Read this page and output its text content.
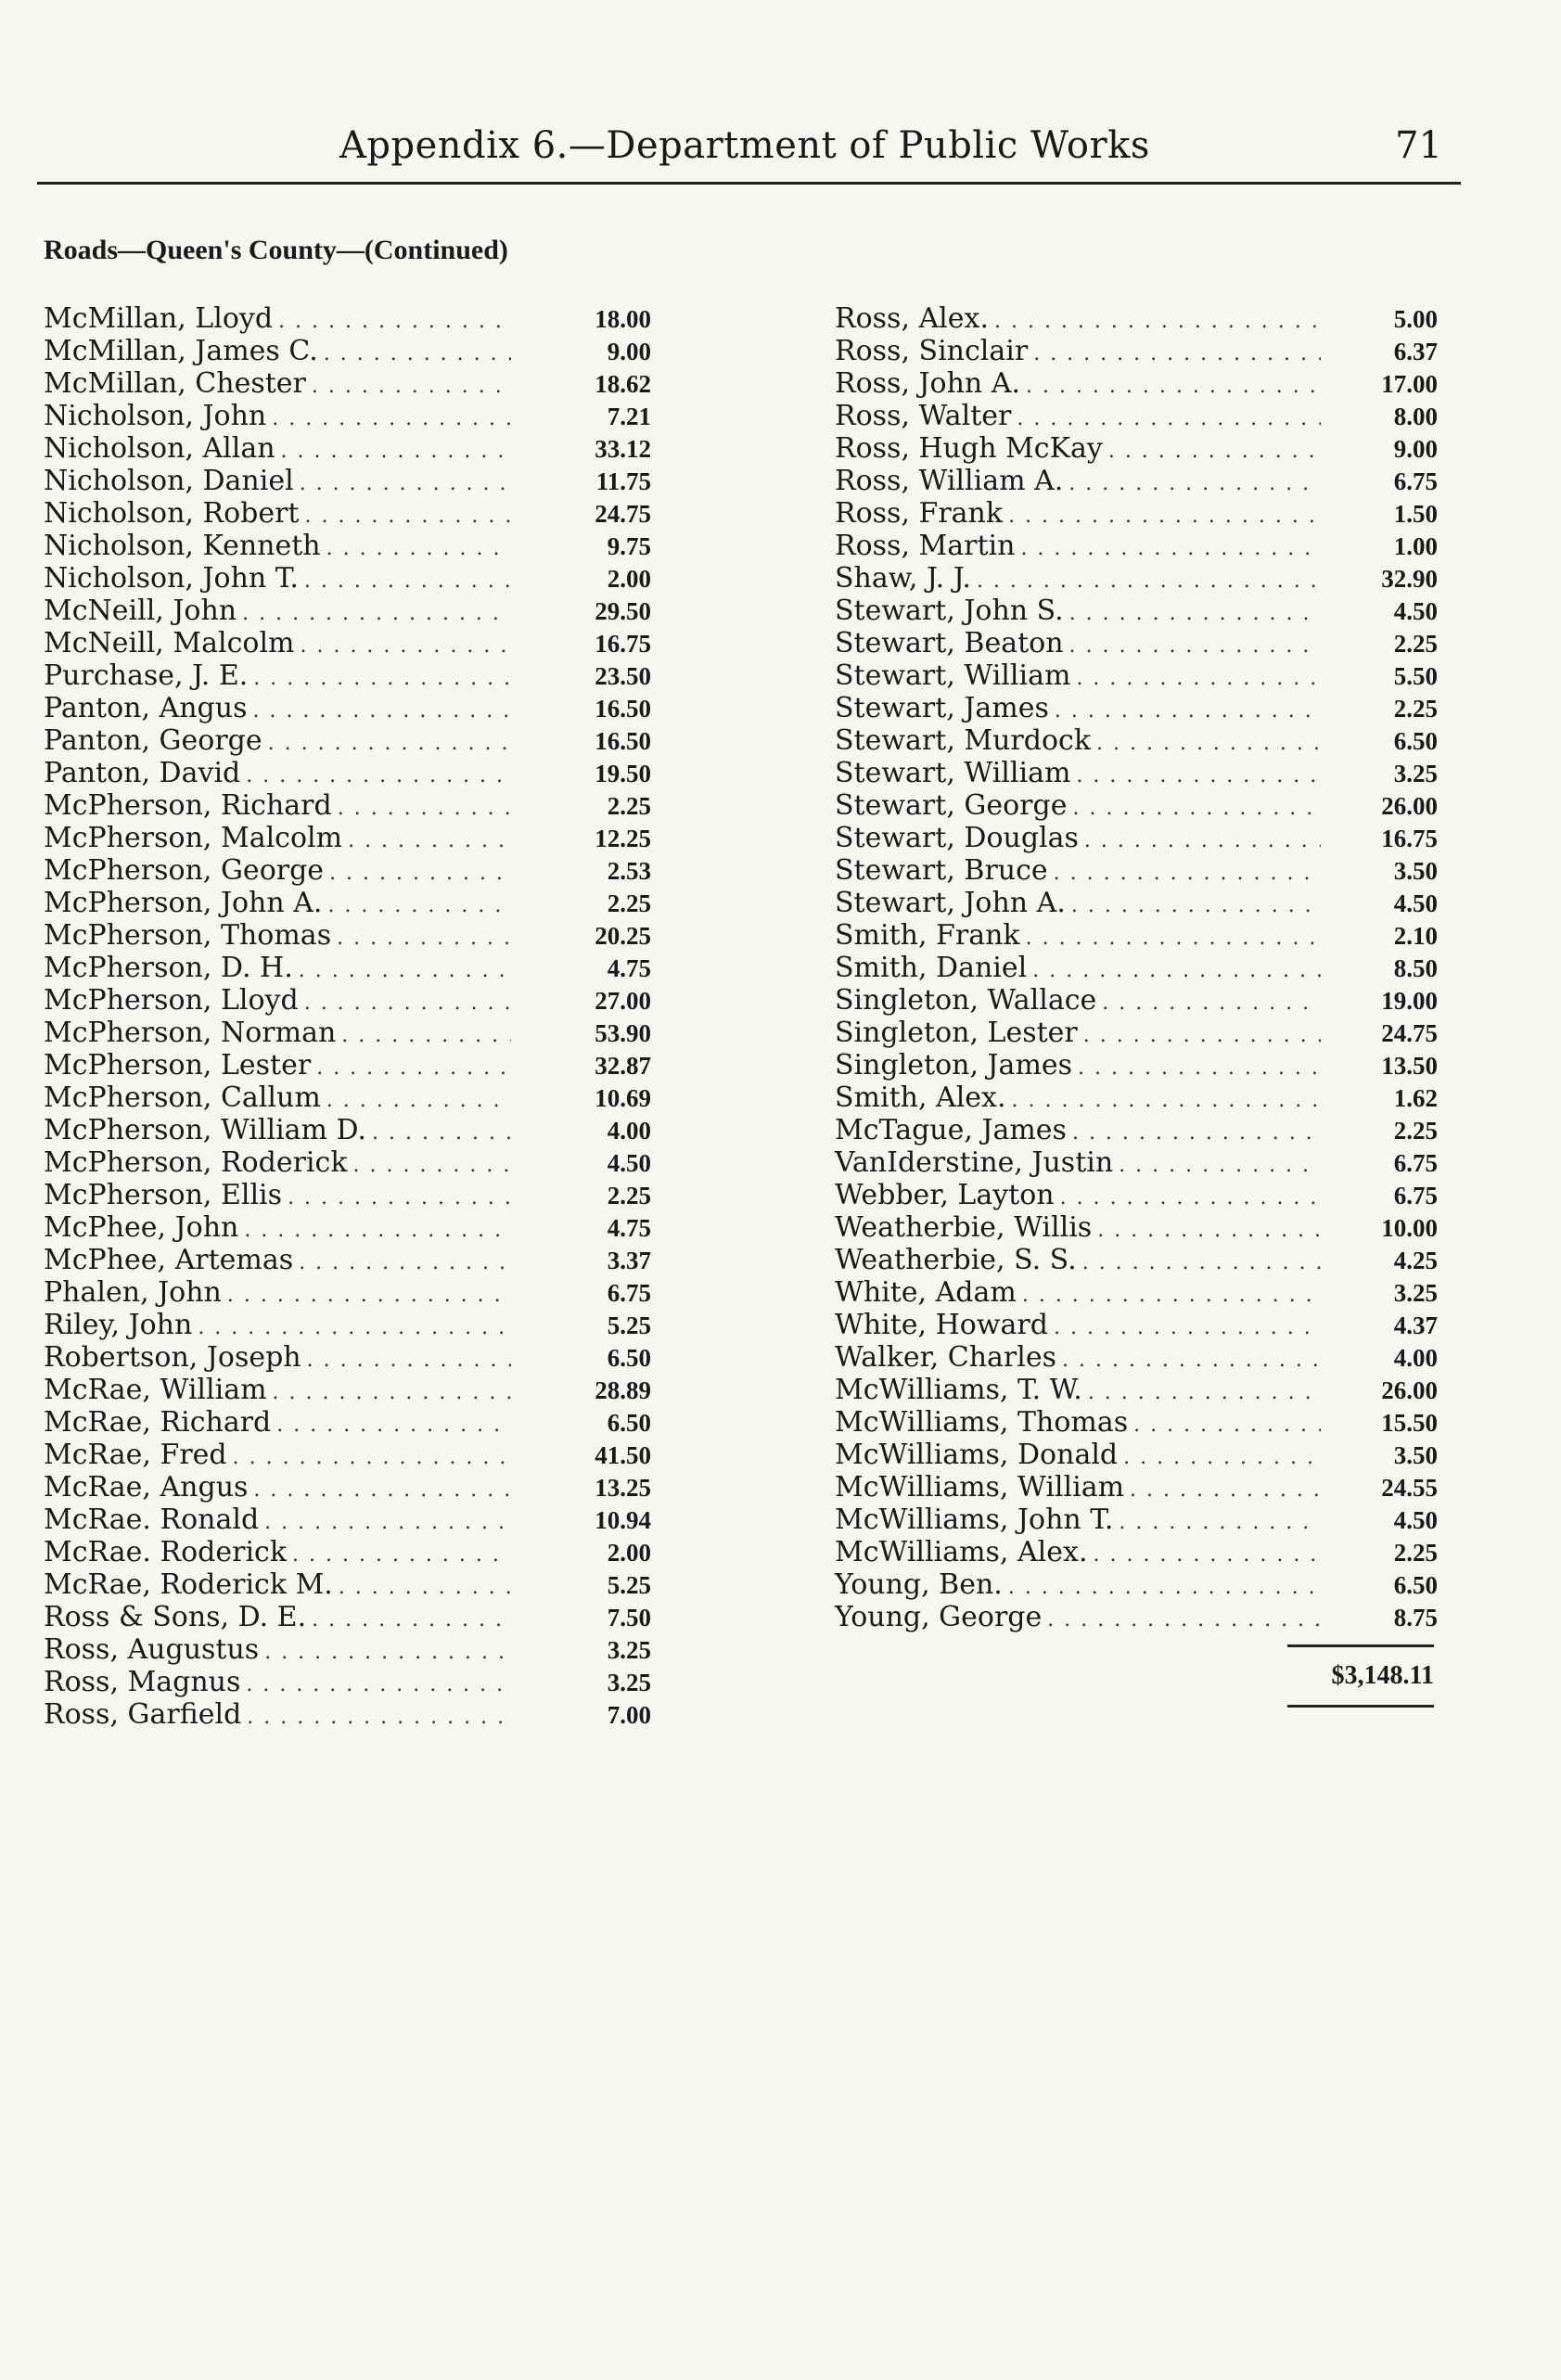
Appendix 6.—Department of Public Works	71
Roads—Queen's County—(Continued)
McMillan, Lloyd . . .	18.00
McMillan, James C. . . .	9.00
McMillan, Chester . . .	18.62
Nicholson, John . . .	7.21
Nicholson, Allan . . .	33.12
Nicholson, Daniel . . .	11.75
Nicholson, Robert . . .	24.75
Nicholson, Kenneth . . .	9.75
Nicholson, John T. . . .	2.00
McNeill, John . . .	29.50
McNeill, Malcolm . . .	16.75
Purchase, J. E. . . .	23.50
Panton, Angus . . .	16.50
Panton, George . . .	16.50
Panton, David . . .	19.50
McPherson, Richard . . .	2.25
McPherson, Malcolm . . .	12.25
McPherson, George . . .	2.53
McPherson, John A. . . .	2.25
McPherson, Thomas . . .	20.25
McPherson, D. H. . . .	4.75
McPherson, Lloyd . . .	27.00
McPherson, Norman . . .	53.90
McPherson, Lester . . .	32.87
McPherson, Callum . . .	10.69
McPherson, William D. . . .	4.00
McPherson, Roderick . . .	4.50
McPherson, Ellis . . .	2.25
McPhee, John . . .	4.75
McPhee, Artemas . . .	3.37
Phalen, John . . .	6.75
Riley, John . . .	5.25
Robertson, Joseph . . .	6.50
McRae, William . . .	28.89
McRae, Richard . . .	6.50
McRae, Fred . . .	41.50
McRae, Angus . . .	13.25
McRae. Ronald . . .	10.94
McRae. Roderick . . .	2.00
McRae, Roderick M. . . .	5.25
Ross & Sons, D. E. . . .	7.50
Ross, Augustus . . .	3.25
Ross, Magnus . . .	3.25
Ross, Garfield . . .	7.00
Ross, Alex. . . .	5.00
Ross, Sinclair . . .	6.37
Ross, John A. . . .	17.00
Ross, Walter . . .	8.00
Ross, Hugh McKay . . .	9.00
Ross, William A. . . .	6.75
Ross, Frank . . .	1.50
Ross, Martin . . .	1.00
Shaw, J. J. . . .	32.90
Stewart, John S. . . .	4.50
Stewart, Beaton . . .	2.25
Stewart, William . . .	5.50
Stewart, James . . .	2.25
Stewart, Murdock . . .	6.50
Stewart, William . . .	3.25
Stewart, George . . .	26.00
Stewart, Douglas . . .	16.75
Stewart, Bruce . . .	3.50
Stewart, John A. . . .	4.50
Smith, Frank . . .	2.10
Smith, Daniel . . .	8.50
Singleton, Wallace . . .	19.00
Singleton, Lester . . .	24.75
Singleton, James . . .	13.50
Smith, Alex. . . .	1.62
McTague, James . . .	2.25
VanIderstine, Justin . . .	6.75
Webber, Layton . . .	6.75
Weatherbie, Willis . . .	10.00
Weatherbie, S. S. . . .	4.25
White, Adam . . .	3.25
White, Howard . . .	4.37
Walker, Charles . . .	4.00
McWilliams, T. W. . . .	26.00
McWilliams, Thomas . . .	15.50
McWilliams, Donald . . .	3.50
McWilliams, William . . .	24.55
McWilliams, John T. . . .	4.50
McWilliams, Alex. . . .	2.25
Young, Ben. . . .	6.50
Young, George . . .	8.75
$3,148.11
